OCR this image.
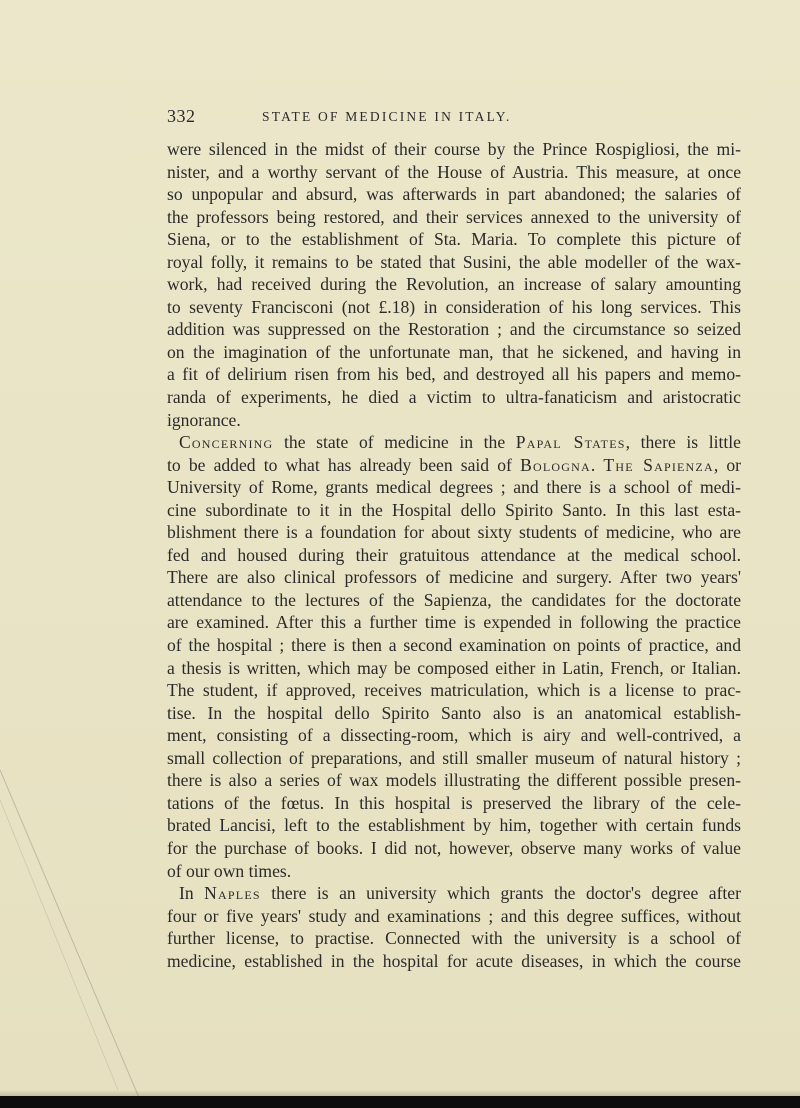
332	STATE OF MEDICINE IN ITALY.
were silenced in the midst of their course by the Prince Rospigliosi, the mi-
nister, and a worthy servant of the House of Austria. This measure, at once
so unpopular and absurd, was afterwards in part abandoned; the salaries of
the professors being restored, and their services annexed to the university of
Siena, or to the establishment of Sta. Maria. To complete this picture of
royal folly, it remains to be stated that Susini, the able modeller of the wax-
work, had received during the Revolution, an increase of salary amounting
to seventy Francisconi (not £.18) in consideration of his long services. This
addition was suppressed on the Restoration ; and the circumstance so seized
on the imagination of the unfortunate man, that he sickened, and having in
a fit of delirium risen from his bed, and destroyed all his papers and memo-
randa of experiments, he died a victim to ultra-fanaticism and aristocratic
ignorance.
Concerning the state of medicine in the Papal States, there is little
to be added to what has already been said of Bologna. The Sapienza, or
University of Rome, grants medical degrees ; and there is a school of medi-
cine subordinate to it in the Hospital dello Spirito Santo. In this last esta-
blishment there is a foundation for about sixty students of medicine, who are
fed and housed during their gratuitous attendance at the medical school.
There are also clinical professors of medicine and surgery. After two years'
attendance to the lectures of the Sapienza, the candidates for the doctorate
are examined. After this a further time is expended in following the practice
of the hospital ; there is then a second examination on points of practice, and
a thesis is written, which may be composed either in Latin, French, or Italian.
The student, if approved, receives matriculation, which is a license to prac-
tise. In the hospital dello Spirito Santo also is an anatomical establish-
ment, consisting of a dissecting-room, which is airy and well-contrived, a
small collection of preparations, and still smaller museum of natural history ;
there is also a series of wax models illustrating the different possible presen-
tations of the fœtus. In this hospital is preserved the library of the cele-
brated Lancisi, left to the establishment by him, together with certain funds
for the purchase of books. I did not, however, observe many works of value
of our own times.
In Naples there is an university which grants the doctor's degree after
four or five years' study and examinations ; and this degree suffices, without
further license, to practise. Connected with the university is a school of
medicine, established in the hospital for acute diseases, in which the course
